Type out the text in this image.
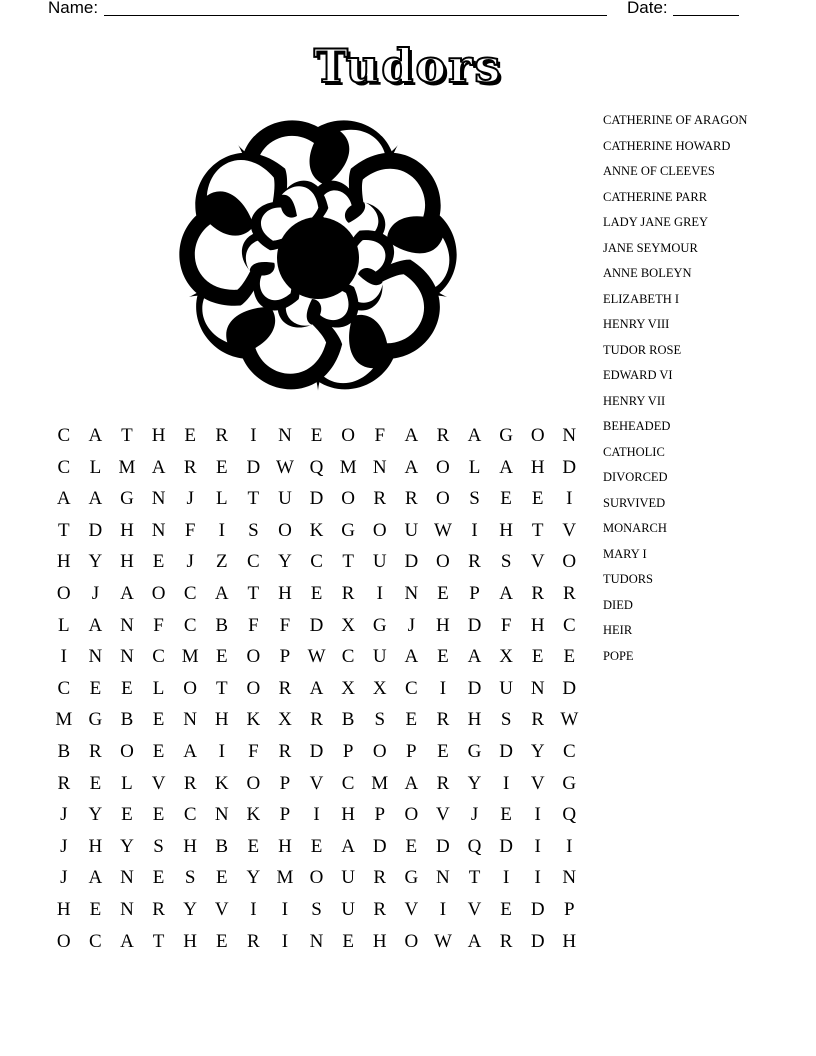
Name:	Date:
Tudors
C A T H E	R	I	N E O	F	A R A G O N
C	L M A R	E D W Q M N A O L A H D
A A G N	J	L	T U D O R R O	S	E	E	I
T D H N	F	I	S	O K G O U W	I	H T V
H Y H E	J	Z	C Y C	T U D O R	S	V O
O	J	A O C A T H E	R	I	N E	P	A R R
L A N	F	C B	F	F	D X G	J	H D	F	H C
I	N N C M E O	P W C U A E A X E	E
C	E	E	L O T O R A X X C	I	D U N D
M G B	E N H K X R B	S	E	R H	S	R W
B R O E A	I	F	R D	P	O	P	E G D Y C
R	E	L V R K O	P	V C M A R Y	I	V G
J	Y E	E	C N K	P	I	H	P	O V	J	E	I	Q
J	H Y	S	H B	E H E A D E D Q D	I	I
J	A N E	S	E Y M O U R G N T	I	I	N
H E N R Y V	I	I	S	U R V	I	V E D	P
O C A T H E	R	I	N E H O W A R D H
CATHERINE OF ARAGON
CATHERINE HOWARD
ANNE OF CLEEVES
CATHERINE PARR
LADY JANE GREY
JANE SEYMOUR
ANNE BOLEYN
ELIZABETH I
HENRY VIII
TUDOR ROSE
EDWARD VI
HENRY VII
BEHEADED
CATHOLIC
DIVORCED
SURVIVED
MONARCH
MARY I
TUDORS
DIED
HEIR
POPE
